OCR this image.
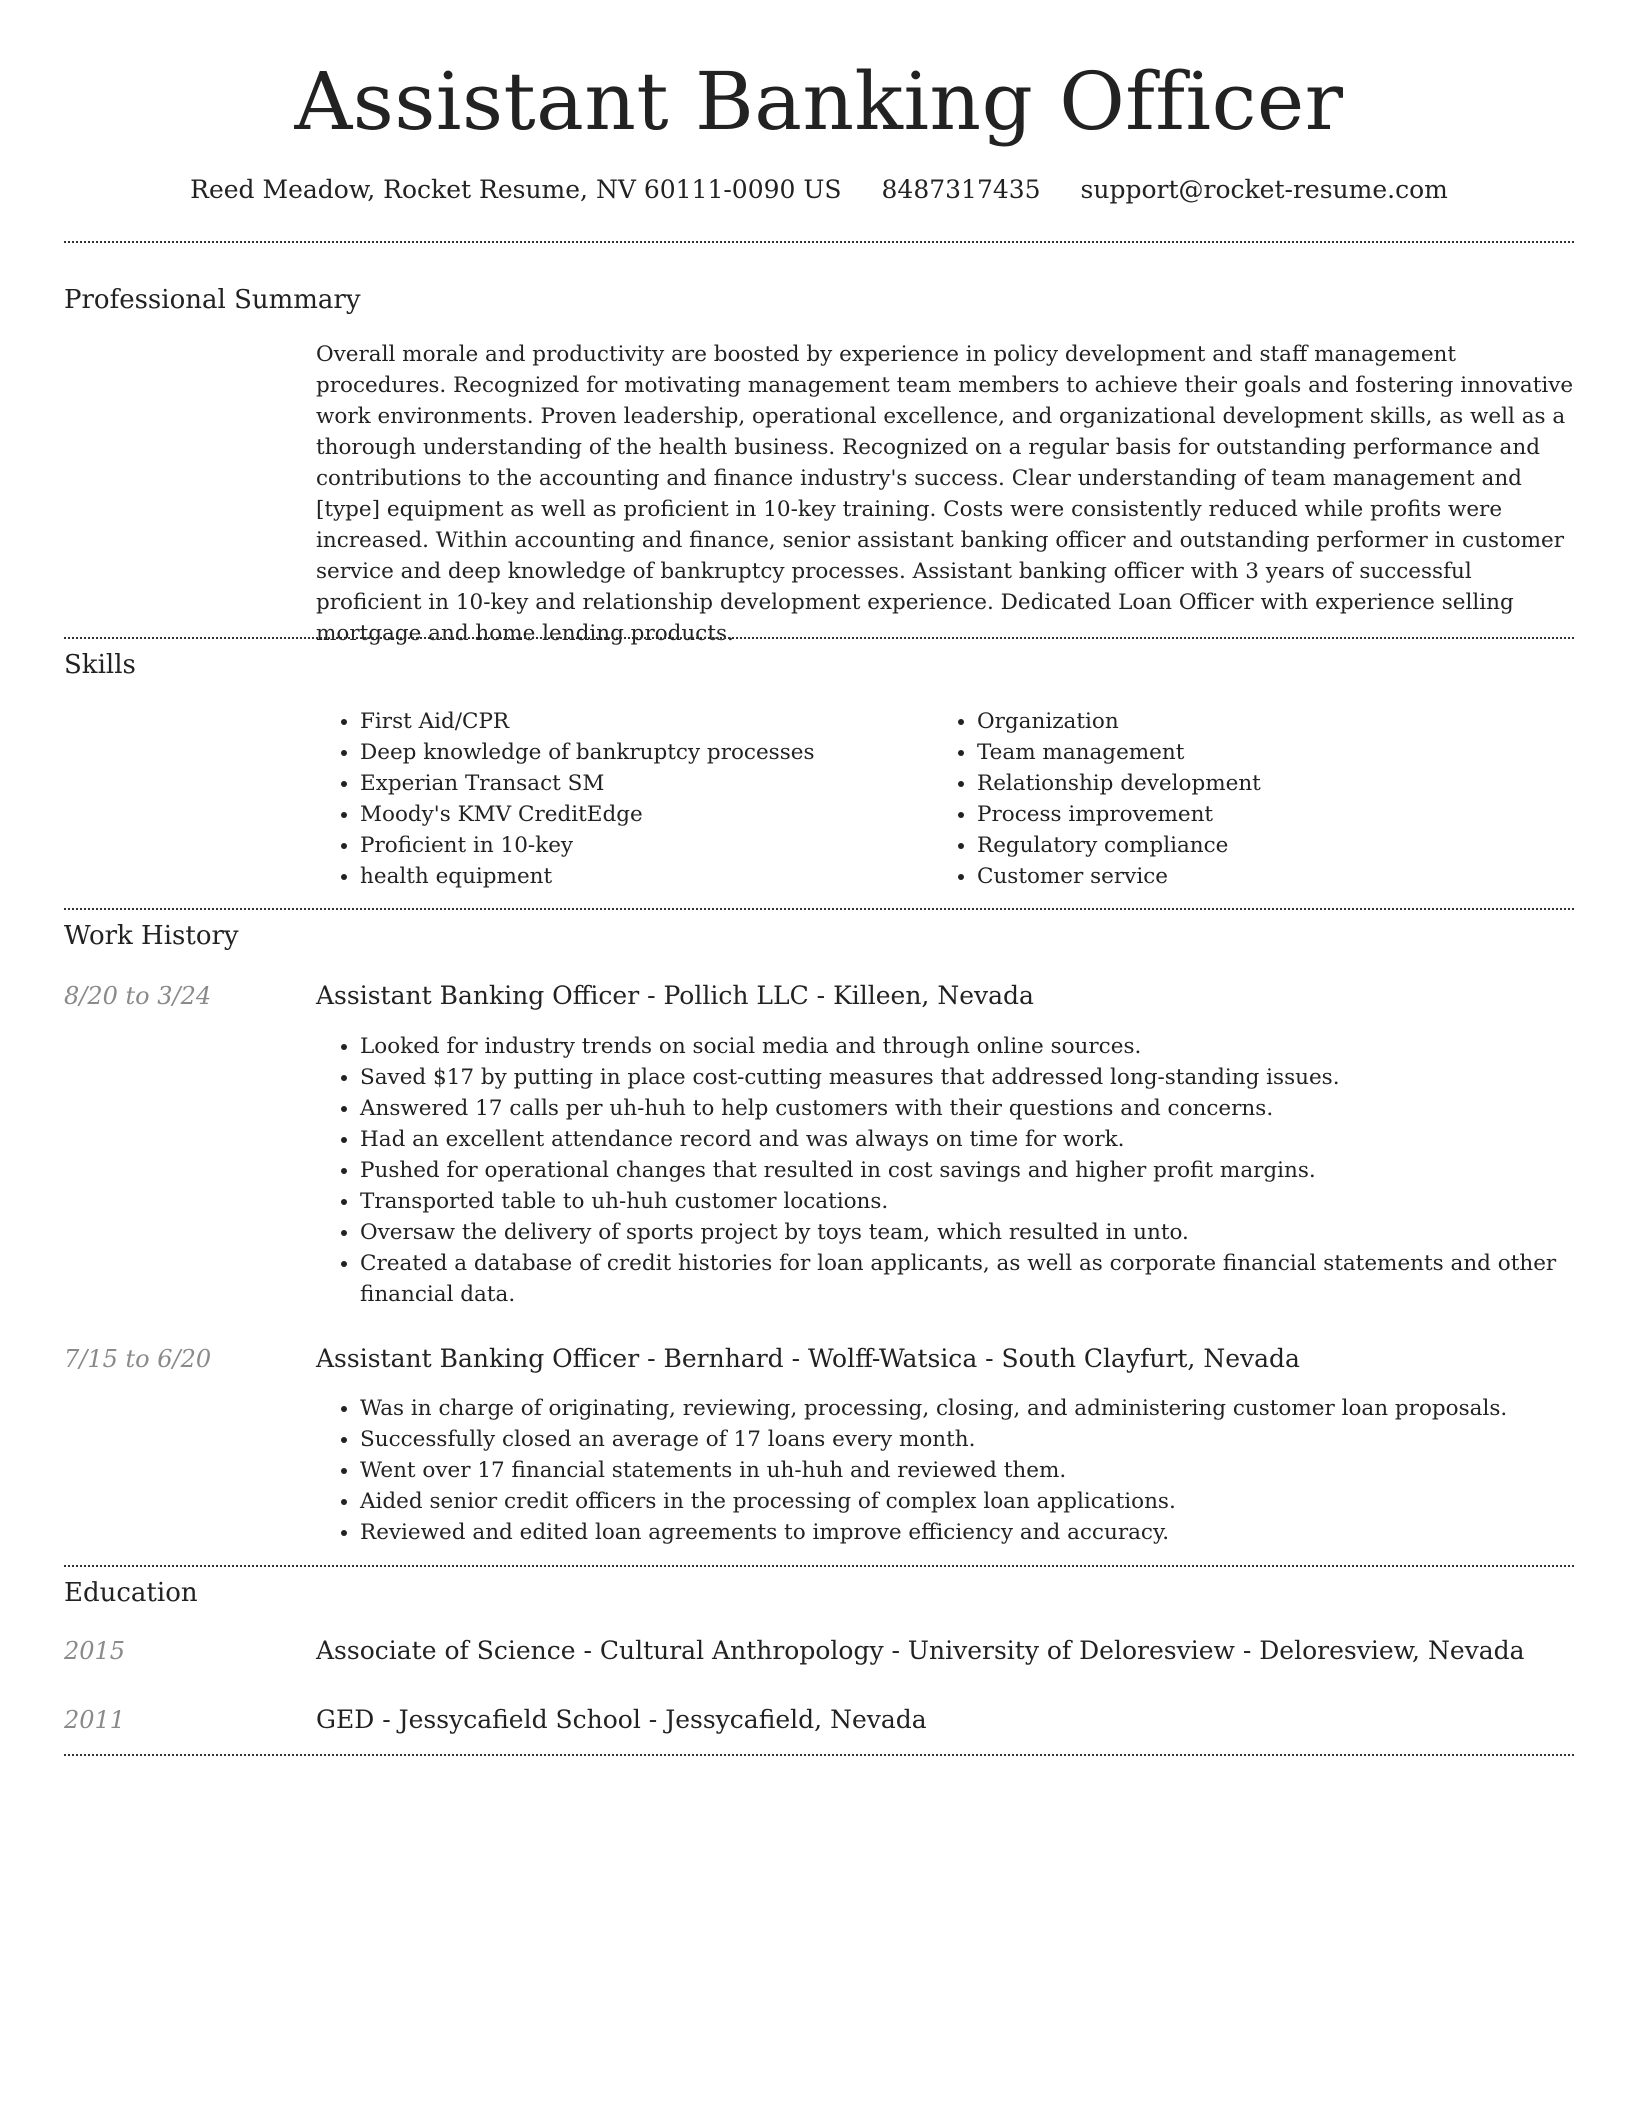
Assistant Banking Officer
Reed Meadow, Rocket Resume, NV 60111-0090 US 8487317435 support@rocket-resume.com
Professional Summary
Overall morale and productivity are boosted by experience in policy development and staff management procedures. Recognized for motivating management team members to achieve their goals and fostering innovative work environments. Proven leadership, operational excellence, and organizational development skills, as well as a thorough understanding of the health business. Recognized on a regular basis for outstanding performance and contributions to the accounting and finance industry's success. Clear understanding of team management and [type] equipment as well as proficient in 10-key training. Costs were consistently reduced while profits were increased. Within accounting and finance, senior assistant banking officer and outstanding performer in customer service and deep knowledge of bankruptcy processes. Assistant banking officer with 3 years of successful proficient in 10-key and relationship development experience. Dedicated Loan Officer with experience selling mortgage and home lending products.
Skills
• First Aid/CPR
• Deep knowledge of bankruptcy processes
• Experian Transact SM
• Moody's KMV CreditEdge
• Proficient in 10-key
• health equipment
• Organization
• Team management
• Relationship development
• Process improvement
• Regulatory compliance
• Customer service
Work History
8/20 to 3/24	Assistant Banking Officer - Pollich LLC - Killeen, Nevada
• Looked for industry trends on social media and through online sources.
• Saved $17 by putting in place cost-cutting measures that addressed long-standing issues.
• Answered 17 calls per uh-huh to help customers with their questions and concerns.
• Had an excellent attendance record and was always on time for work.
• Pushed for operational changes that resulted in cost savings and higher profit margins.
• Transported table to uh-huh customer locations.
• Oversaw the delivery of sports project by toys team, which resulted in unto.
• Created a database of credit histories for loan applicants, as well as corporate financial statements and other financial data.
7/15 to 6/20	Assistant Banking Officer - Bernhard - Wolff-Watsica - South Clayfurt, Nevada
• Was in charge of originating, reviewing, processing, closing, and administering customer loan proposals.
• Successfully closed an average of 17 loans every month.
• Went over 17 financial statements in uh-huh and reviewed them.
• Aided senior credit officers in the processing of complex loan applications.
• Reviewed and edited loan agreements to improve efficiency and accuracy.
Education
2015	Associate of Science - Cultural Anthropology - University of Deloresview - Deloresview, Nevada
2011	GED - Jessycafield School - Jessycafield, Nevada
